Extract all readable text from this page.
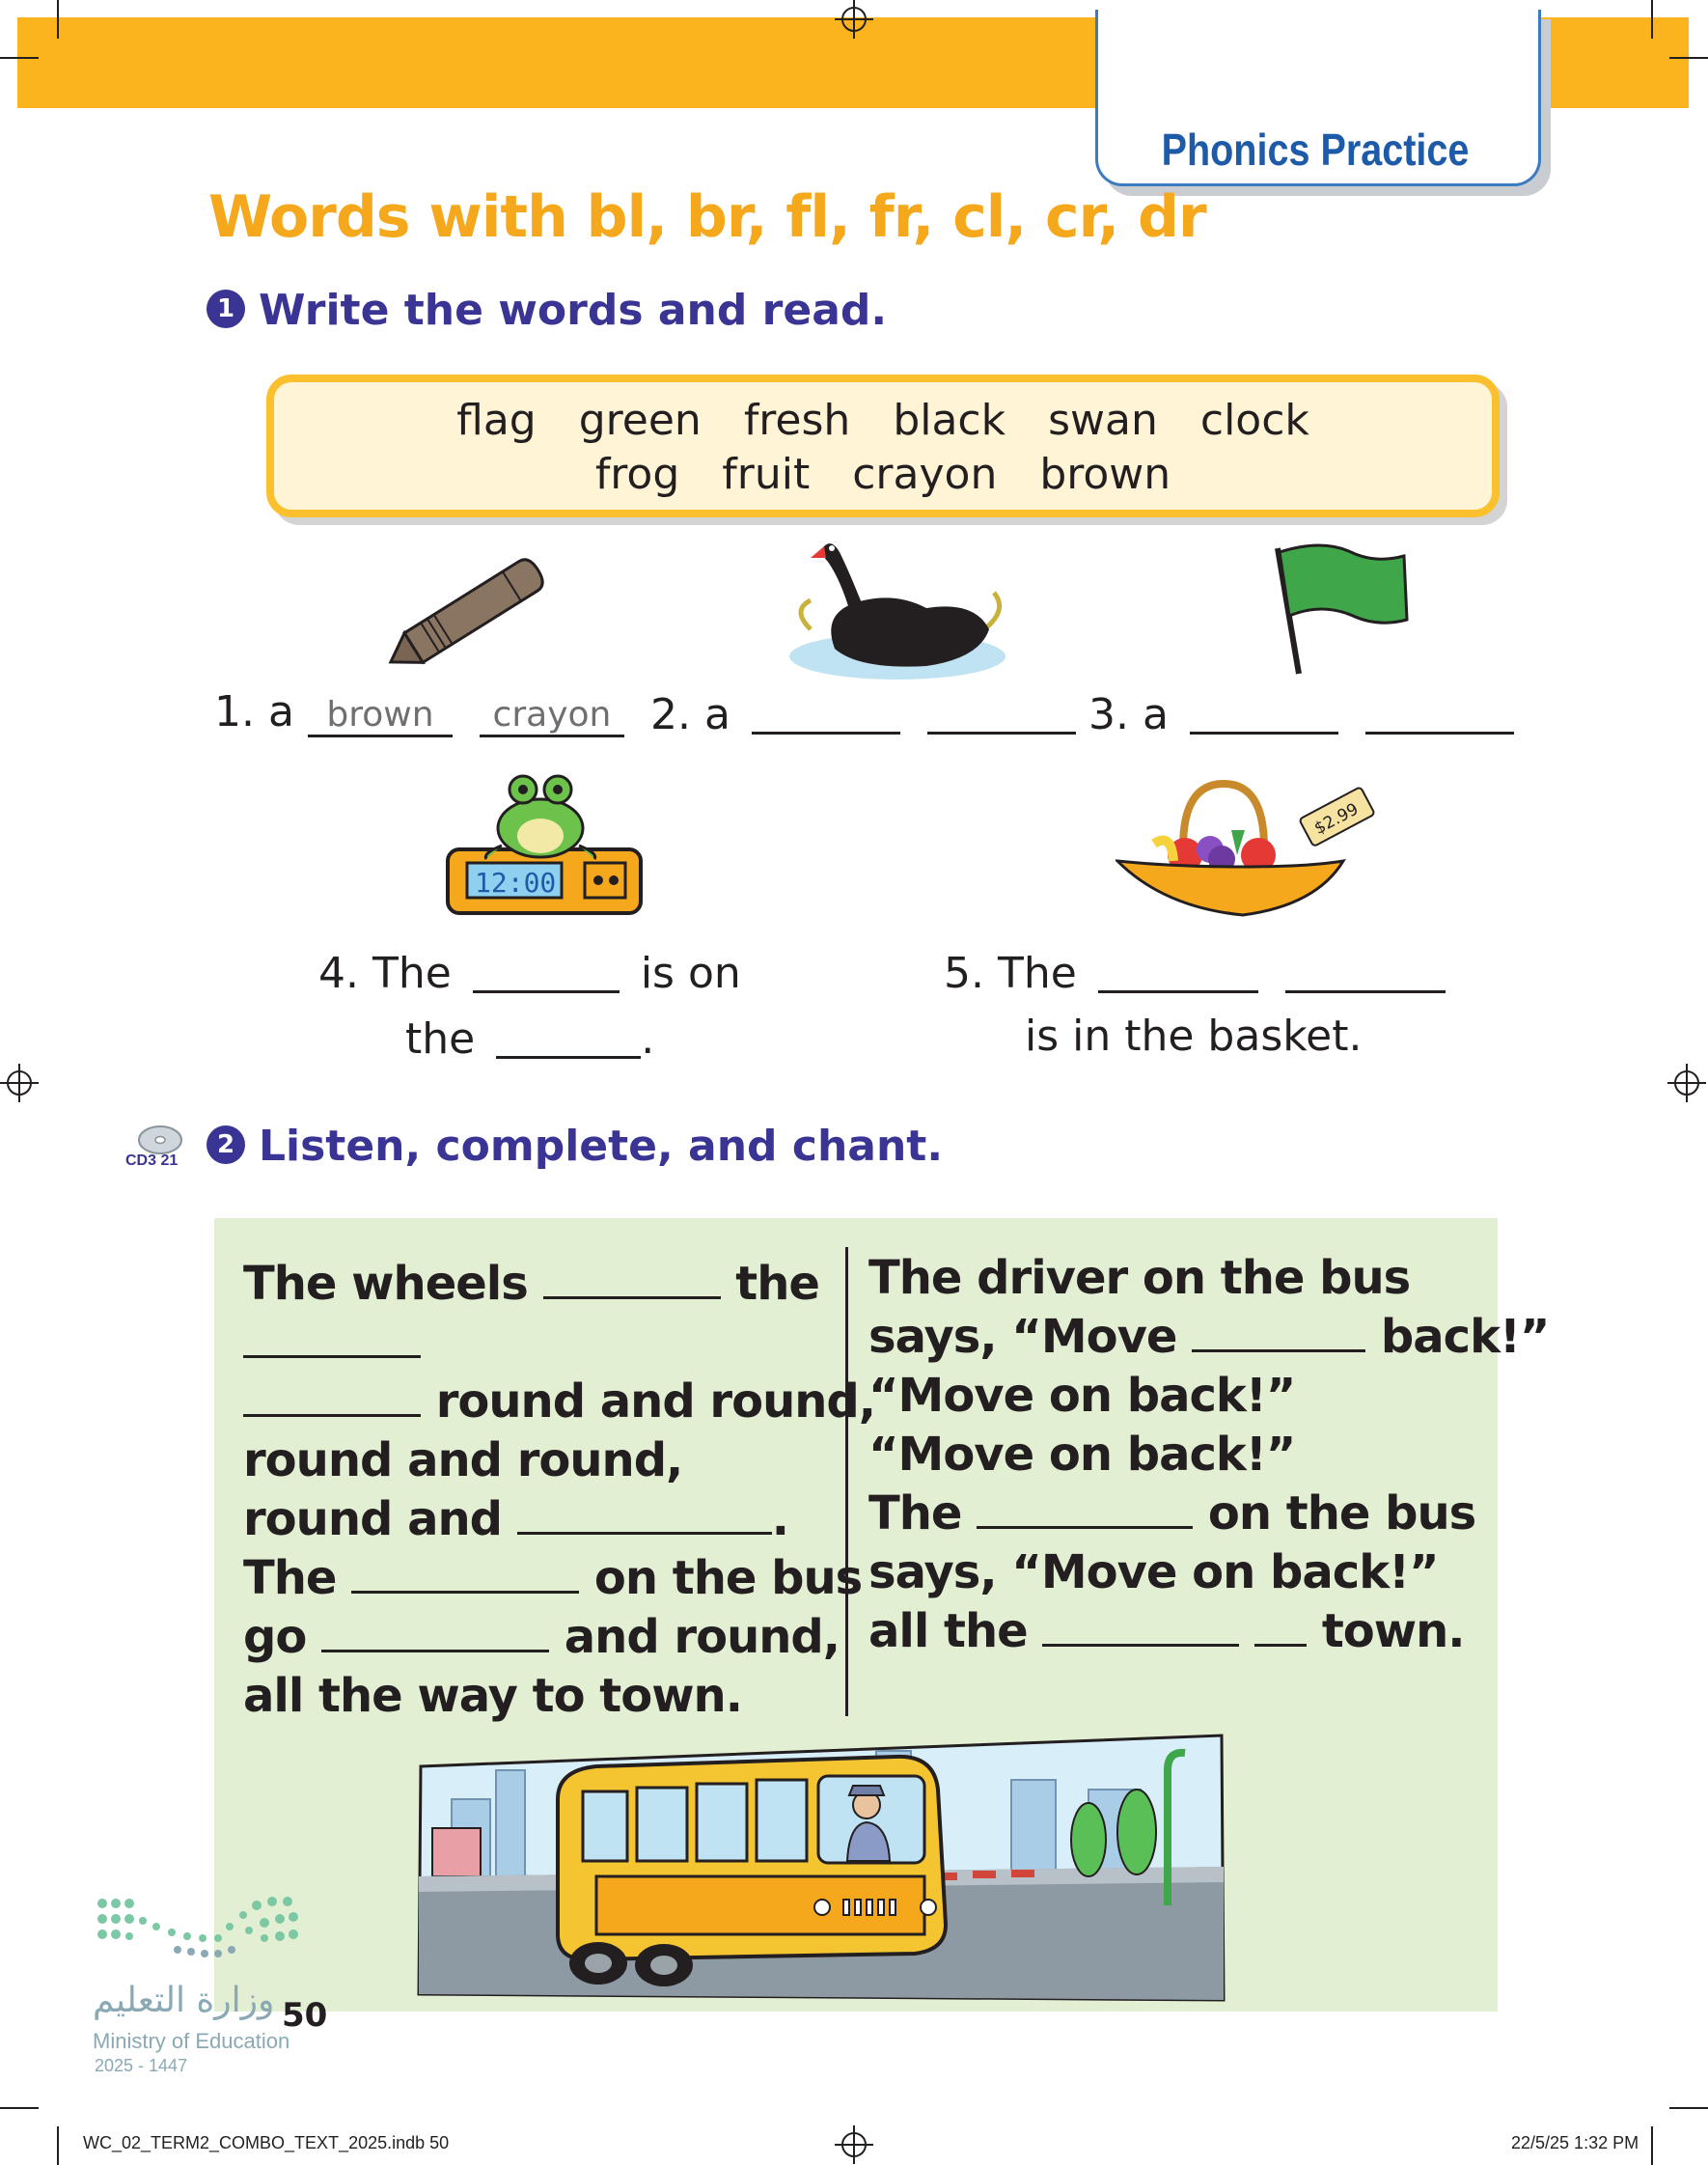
Phonics Practice
Words with bl, br, fl, fr, cl, cr, dr
1 Write the words and read.
flag green fresh black swan clock
frog fruit crayon brown
1. a brown crayon 2. a	3. a
12:00
$2.99
4. The	is on
the	.
5. The
is in the basket.
CD3 21
2 Listen, complete, and chant.
The wheels	the
round and round,
round and round,
round and	.
The	on the bus
go	and round,
all the way to town.
The driver on the bus
says, “Move	back!”
“Move on back!”
“Move on back!”
The	on the bus
says, “Move on back!”
all the	town.
وزارة التعليم 50
Ministry of Education
2025 - 1447
WC_02_TERM2_COMBO_TEXT_2025.indb 50	22/5/25 1:32 PM
